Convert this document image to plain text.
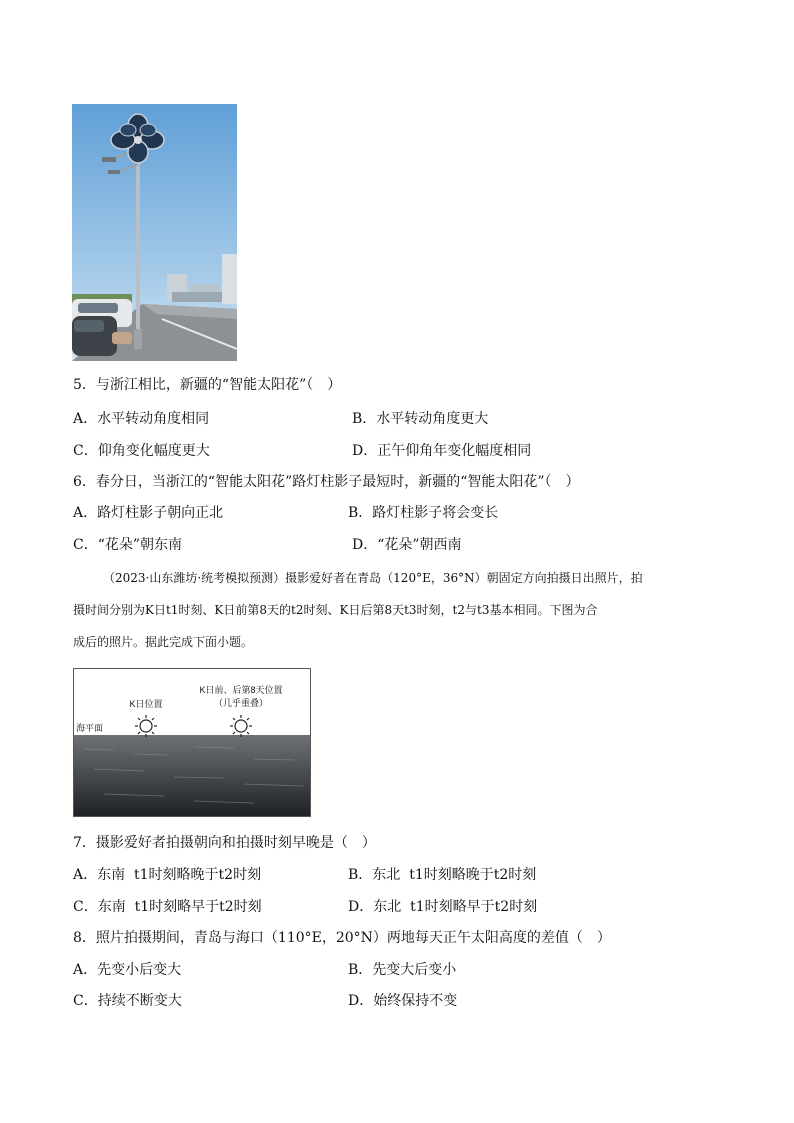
5．与浙江相比，新疆的“智能太阳花”（　）
A．水平转动角度相同	B．水平转动角度更大
C．仰角变化幅度更大	D．正午仰角年变化幅度相同
6．春分日，当浙江的“智能太阳花”路灯柱影子最短时，新疆的“智能太阳花”（　）
A．路灯柱影子朝向正北	B．路灯柱影子将会变长
C．“花朵”朝东南	D．“花朵”朝西南
（2023·山东潍坊·统考模拟预测）摄影爱好者在青岛（120°E，36°N）朝固定方向拍摄日出照片，拍
摄时间分别为K日t1时刻、K日前第8天的t2时刻、K日后第8天t3时刻，t2与t3基本相同。下图为合
成后的照片。据此完成下面小题。
K日位置
K日前、后第8天位置
（几乎重叠）
海平面
7．摄影爱好者拍摄朝向和拍摄时刻早晚是（　）
A．东南  t1时刻略晚于t2时刻	B．东北  t1时刻略晚于t2时刻
C．东南  t1时刻略早于t2时刻	D．东北  t1时刻略早于t2时刻
8．照片拍摄期间，青岛与海口（110°E，20°N）两地每天正午太阳高度的差值（　）
A．先变小后变大	B．先变大后变小
C．持续不断变大	D．始终保持不变
